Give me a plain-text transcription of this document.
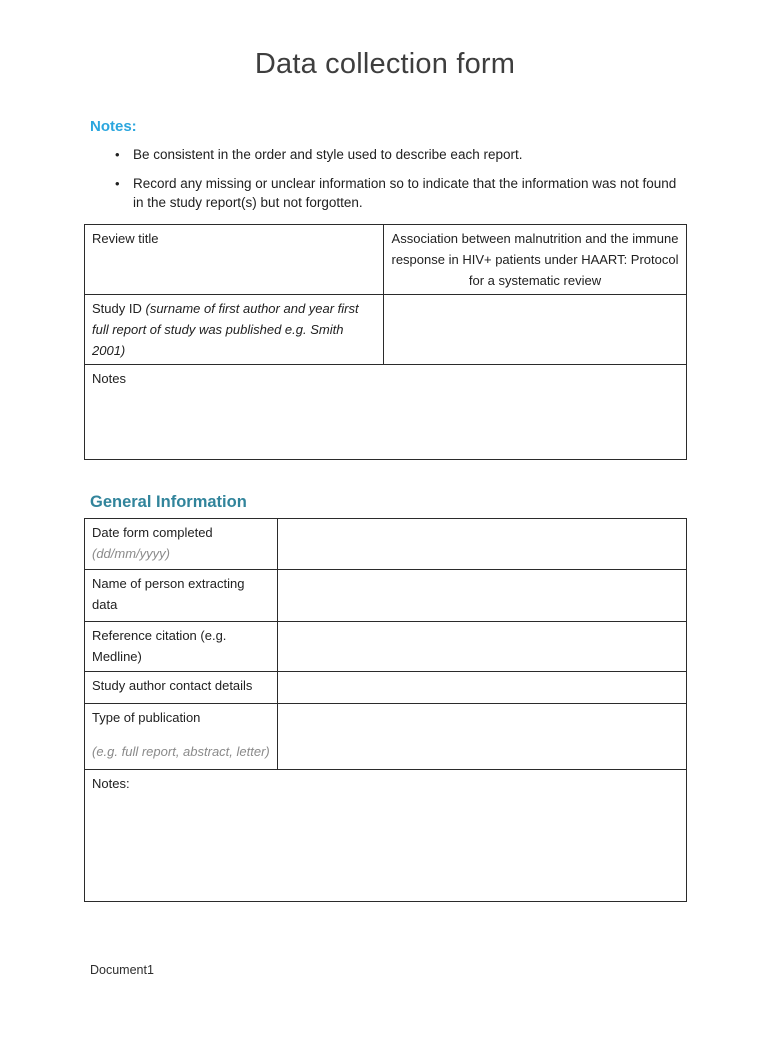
Data collection form
Notes:
• Be consistent in the order and style used to describe each report.
• Record any missing or unclear information so to indicate that the information was not found in the study report(s) but not forgotten.
Review title	Association between malnutrition and the immune response in HIV+ patients under HAART: Protocol for a systematic review
Study ID (surname of first author and year first full report of study was published e.g. Smith 2001)	
Notes	
General Information
Date form completed
(dd/mm/yyyy)	

Name of person extracting data	

Reference citation (e.g. Medline)	

Study author contact details	

Type of publication
(e.g. full report, abstract, letter)	

Notes:	
Document1
